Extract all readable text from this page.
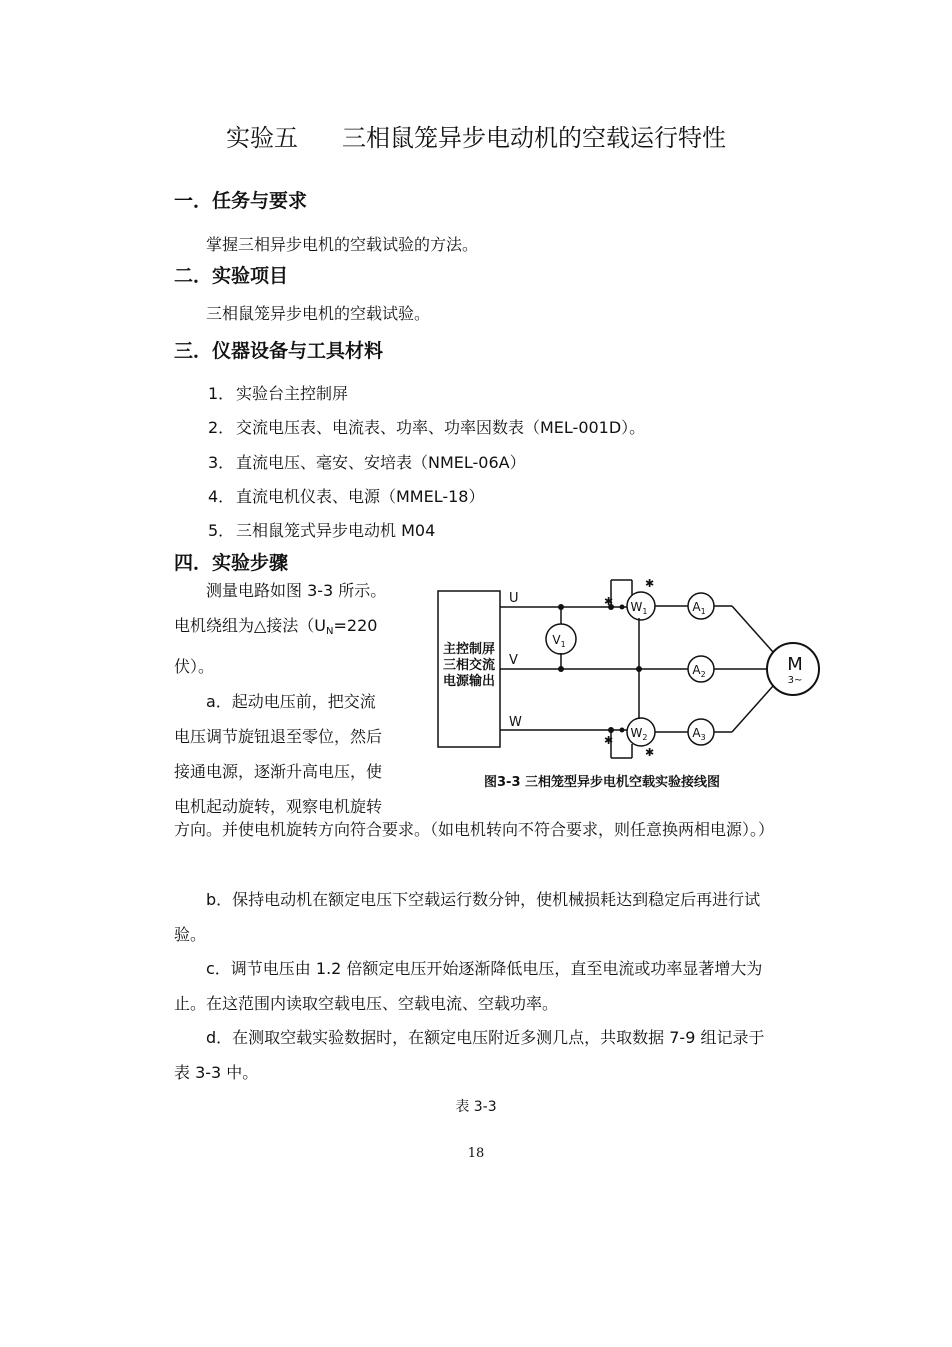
实验五 三相鼠笼异步电动机的空载运行特性
一．任务与要求
掌握三相异步电机的空载试验的方法。
二．实验项目
三相鼠笼异步电机的空载试验。
三．仪器设备与工具材料
1． 实验台主控制屏
2． 交流电压表、电流表、功率、功率因数表（MEL-001D）。
3． 直流电压、毫安、安培表（NMEL-06A）
4． 直流电机仪表、电源（MMEL-18）
5． 三相鼠笼式异步电动机 M04
四．实验步骤
测量电路如图 3-3 所示。
电机绕组为△接法（$U_N=220$
伏）。
a．起动电压前，把交流
电压调节旋钮退至零位，然后
接通电源，逐渐升高电压，使
电机起动旋转，观察电机旋转
✱
✱
✱
✱
U
V
W
主控制屏
三相交流
电源输出
$V_1$
$W_1$
$W_2$
$A_1$
$A_2$
$A_3$
M
3~
图3-3 三相笼型异步电机空载实验接线图
方向。并使电机旋转方向符合要求。（如电机转向不符合要求，则任意换两相电源）。）
b．保持电动机在额定电压下空载运行数分钟，使机械损耗达到稳定后再进行试验。
c．调节电压由 1.2 倍额定电压开始逐渐降低电压，直至电流或功率显著增大为止。在这范围内读取空载电压、空载电流、空载功率。
d．在测取空载实验数据时，在额定电压附近多测几点，共取数据 7-9 组记录于表 3-3 中。
表 3-3
18
